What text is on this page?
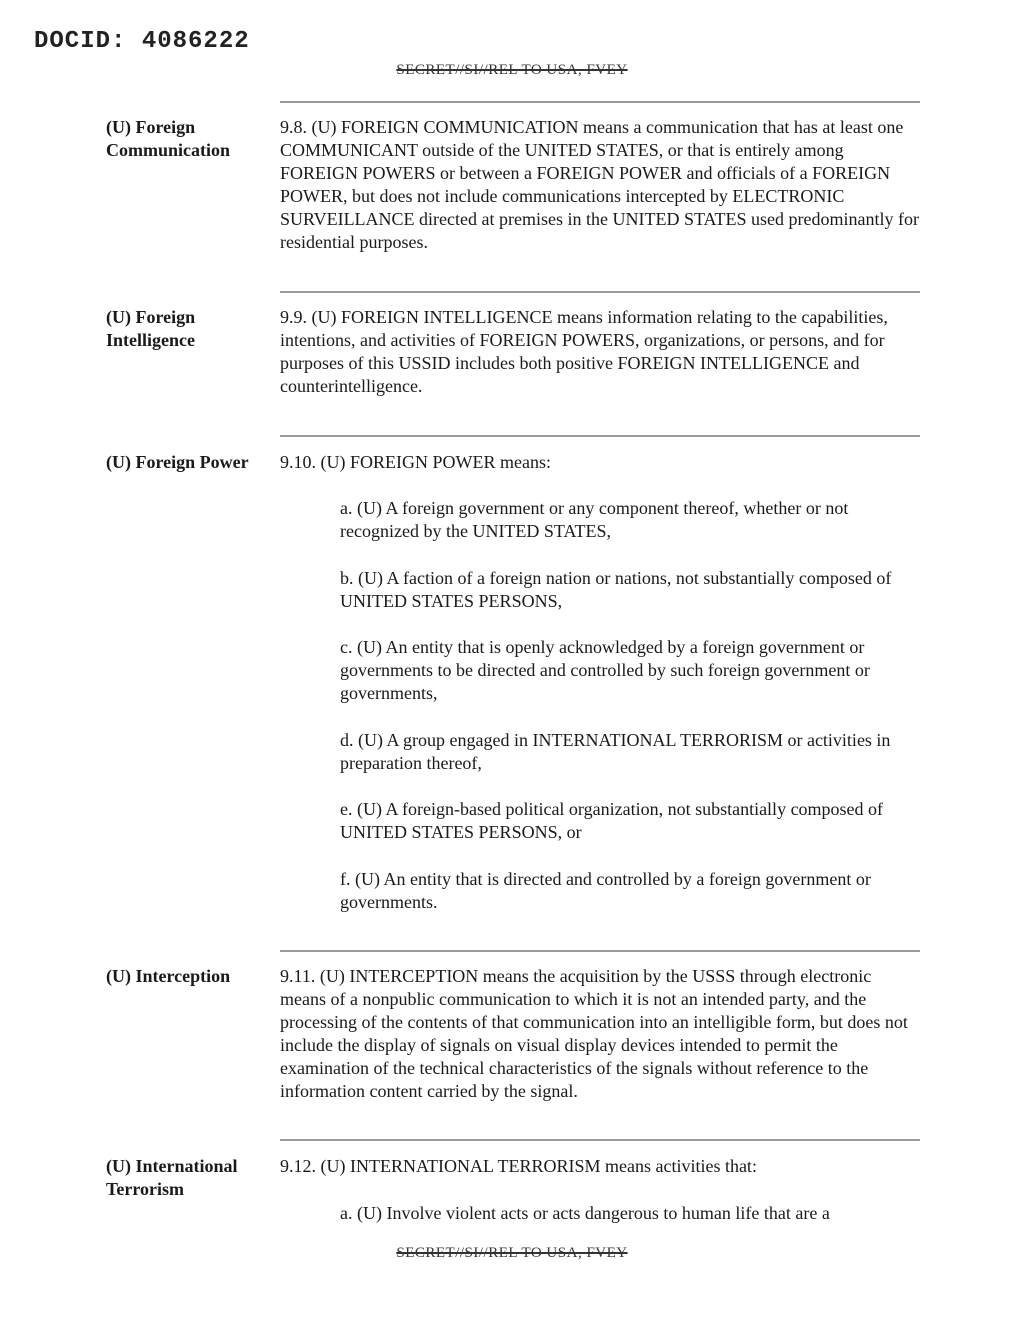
DOCID: 4086222
SECRET//SI//REL TO USA, FVEY
(U) Foreign
Communication

9.8. (U) FOREIGN COMMUNICATION means a communication that has at least one COMMUNICANT outside of the UNITED STATES, or that is entirely among FOREIGN POWERS or between a FOREIGN POWER and officials of a FOREIGN POWER, but does not include communications intercepted by ELECTRONIC SURVEILLANCE directed at premises in the UNITED STATES used predominantly for residential purposes.

(U) Foreign
Intelligence

9.9. (U) FOREIGN INTELLIGENCE means information relating to the capabilities, intentions, and activities of FOREIGN POWERS, organizations, or persons, and for purposes of this USSID includes both positive FOREIGN INTELLIGENCE and counterintelligence.

(U) Foreign Power	9.10. (U) FOREIGN POWER means:

a. (U) A foreign government or any component thereof, whether or not recognized by the UNITED STATES,

b. (U) A faction of a foreign nation or nations, not substantially composed of UNITED STATES PERSONS,

c. (U) An entity that is openly acknowledged by a foreign government or governments to be directed and controlled by such foreign government or governments,

d. (U) A group engaged in INTERNATIONAL TERRORISM or activities in preparation thereof,

e. (U) A foreign-based political organization, not substantially composed of UNITED STATES PERSONS, or

f. (U) An entity that is directed and controlled by a foreign government or governments.

(U) Interception	9.11. (U) INTERCEPTION means the acquisition by the USSS through electronic means of a nonpublic communication to which it is not an intended party, and the processing of the contents of that communication into an intelligible form, but does not include the display of signals on visual display devices intended to permit the examination of the technical characteristics of the signals without reference to the information content carried by the signal.

(U) International
Terrorism

9.12. (U) INTERNATIONAL TERRORISM means activities that:

a. (U) Involve violent acts or acts dangerous to human life that are a

SECRET//SI//REL TO USA, FVEY
